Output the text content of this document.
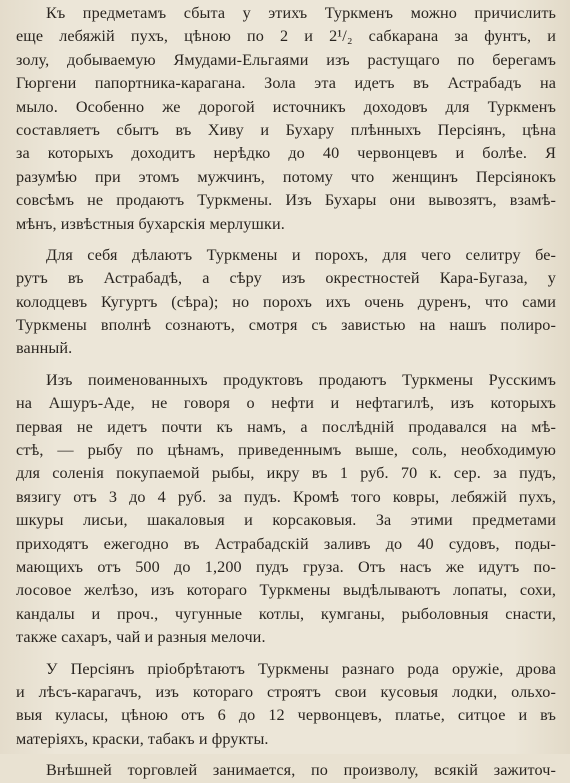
Къ предметамъ сбыта у этихъ Туркменъ можно причислить
еще лебяжій пухъ, цѣною по 2 и 2¹/₂ сабкарана за фунтъ, и
золу, добываемую Ямудами-Ельгаями изъ растущаго по берегамъ
Гюргени папортника-карагана. Зола эта идетъ въ Астрабадъ на
мыло. Особенно же дорогой источникъ доходовъ для Туркменъ
составляетъ сбытъ въ Хиву и Бухару плѣнныхъ Персіянъ, цѣна
за которыхъ доходитъ нерѣдко до 40 червонцевъ и болѣе. Я
разумѣю при этомъ мужчинъ, потому что женщинъ Персіянокъ
совсѣмъ не продаютъ Туркмены. Изъ Бухары они вывозятъ, взамѣ-
мѣнъ, извѣстныя бухарскія мерлушки.
Для себя дѣлаютъ Туркмены и порохъ, для чего селитру бе-
рутъ въ Астрабадѣ, а сѣру изъ окрестностей Кара-Бугаза, у
колодцевъ Кугуртъ (сѣра); но порохъ ихъ очень дуренъ, что сами
Туркмены вполнѣ сознаютъ, смотря съ завистью на нашъ полиро-
ванный.
Изъ поименованныхъ продуктовъ продаютъ Туркмены Русскимъ
на Ашуръ-Аде, не говоря о нефти и нефтагилѣ, изъ которыхъ
первая не идетъ почти къ намъ, а послѣдній продавался на мѣ-
стѣ, — рыбу по цѣнамъ, приведеннымъ выше, соль, необходимую
для соленія покупаемой рыбы, икру въ 1 руб. 70 к. сер. за пудъ,
вязигу отъ 3 до 4 руб. за пудъ. Кромѣ того ковры, лебяжій пухъ,
шкуры лисьи, шакаловыя и корсаковыя. За этими предметами
приходятъ ежегодно въ Астрабадскій заливъ до 40 судовъ, поды-
мающихъ отъ 500 до 1,200 пудъ груза. Отъ насъ же идутъ по-
лосовое желѣзо, изъ котораго Туркмены выдѣлываютъ лопаты, сохи,
кандалы и проч., чугунные котлы, кумганы, рыболовныя снасти,
также сахаръ, чай и разныя мелочи.
У Персіянъ пріобрѣтаютъ Туркмены разнаго рода оружіе, дрова
и лѣсъ-карагачъ, изъ котораго строятъ свои кусовыя лодки, ольхо-
выя куласы, цѣною отъ 6 до 12 червонцевъ, платье, ситцое и въ
матеріяхъ, краски, табакъ и фрукты.
Внѣшней торговлей занимается, по произволу, всякій зажиточ-
